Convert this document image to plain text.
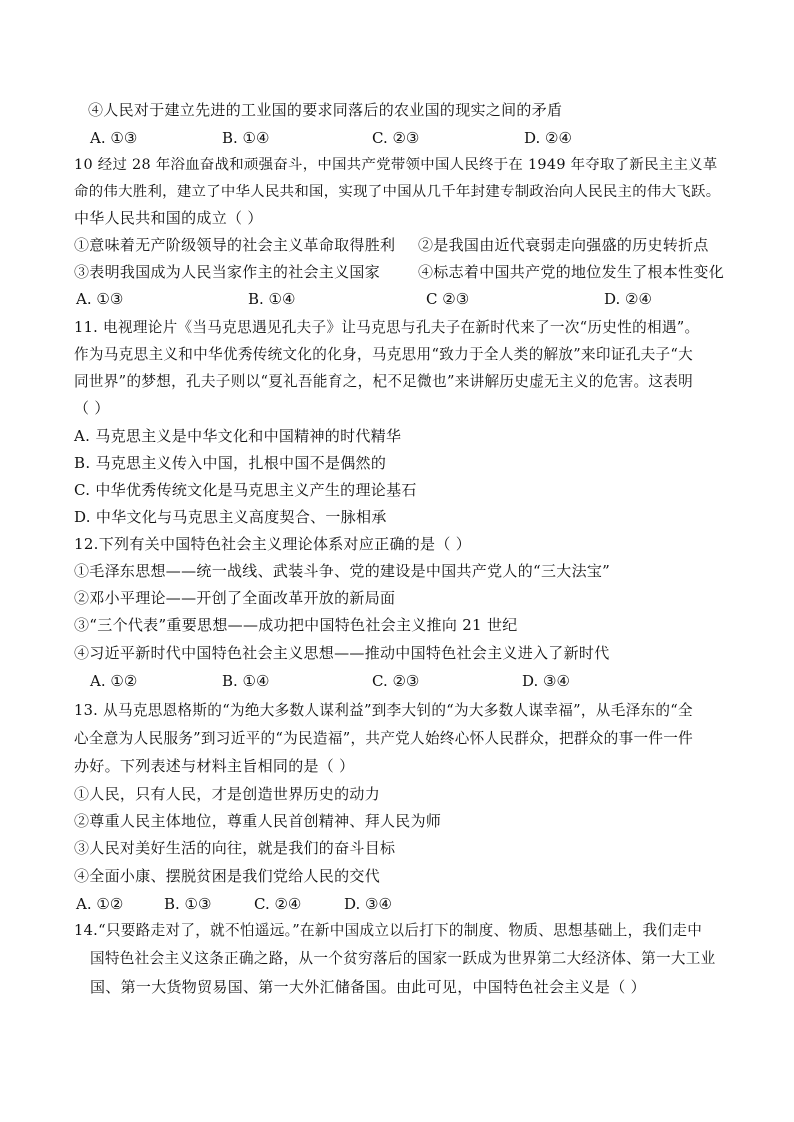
④人民对于建立先进的工业国的要求同落后的农业国的现实之间的矛盾
A. ①③	B. ①④	C. ②③	D. ②④
10 经过 28 年浴血奋战和顽强奋斗，中国共产党带领中国人民终于在 1949 年夺取了新民主主义革
命的伟大胜利，建立了中华人民共和国，实现了中国从几千年封建专制政治向人民民主的伟大飞跃。
中华人民共和国的成立（ ）
①意味着无产阶级领导的社会主义革命取得胜利 ②是我国由近代衰弱走向强盛的历史转折点
③表明我国成为人民当家作主的社会主义国家	④标志着中国共产党的地位发生了根本性变化
A. ①③	B. ①④	C ②③	D. ②④
11. 电视理论片《当马克思遇见孔夫子》让马克思与孔夫子在新时代来了一次“历史性的相遇”。
作为马克思主义和中华优秀传统文化的化身，马克思用“致力于全人类的解放”来印证孔夫子“大
同世界”的梦想，孔夫子则以“夏礼吾能育之，杞不足微也”来讲解历史虚无主义的危害。这表明
（ ）
A. 马克思主义是中华文化和中国精神的时代精华
B. 马克思主义传入中国，扎根中国不是偶然的
C. 中华优秀传统文化是马克思主义产生的理论基石
D. 中华文化与马克思主义高度契合、一脉相承
12.下列有关中国特色社会主义理论体系对应正确的是（ ）
①毛泽东思想——统一战线、武装斗争、党的建设是中国共产党人的“三大法宝”
②邓小平理论——开创了全面改革开放的新局面
③“三个代表”重要思想——成功把中国特色社会主义推向 21 世纪
④习近平新时代中国特色社会主义思想——推动中国特色社会主义进入了新时代
A. ①②	B. ①④	C. ②③	D. ③④
13. 从马克思恩格斯的“为绝大多数人谋利益”到李大钊的“为大多数人谋幸福”，从毛泽东的“全
心全意为人民服务”到习近平的“为民造福”，共产党人始终心怀人民群众，把群众的事一件一件
办好。下列表述与材料主旨相同的是（ ）
①人民，只有人民，才是创造世界历史的动力
②尊重人民主体地位，尊重人民首创精神、拜人民为师
③人民对美好生活的向往，就是我们的奋斗目标
④全面小康、摆脱贫困是我们党给人民的交代
A. ①②	B. ①③	C. ②④	D. ③④
14.“只要路走对了，就不怕遥远。”在新中国成立以后打下的制度、物质、思想基础上，我们走中
国特色社会主义这条正确之路，从一个贫穷落后的国家一跃成为世界第二大经济体、第一大工业
国、第一大货物贸易国、第一大外汇储备国。由此可见，中国特色社会主义是（ ）
